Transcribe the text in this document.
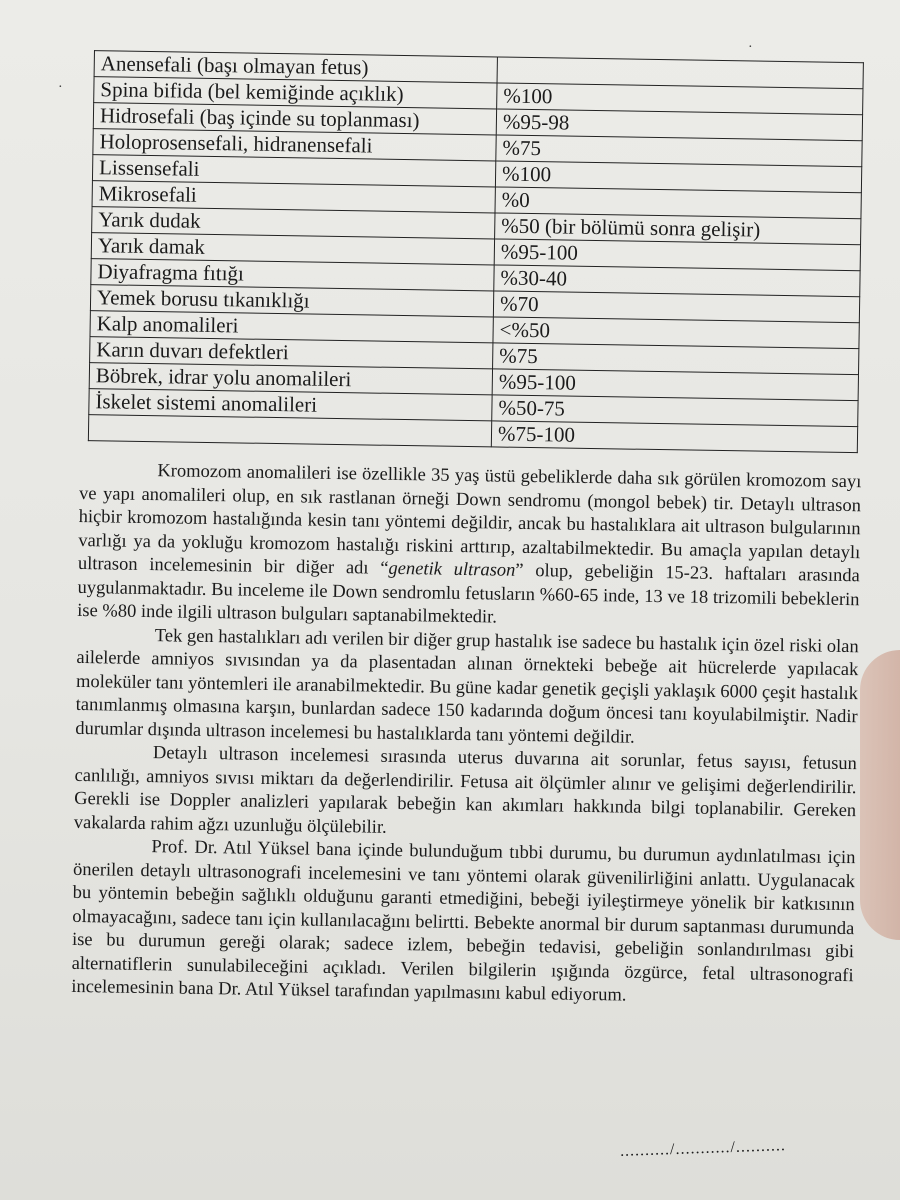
Anensefali (başı olmayan fetus)	
Spina bifida (bel kemiğinde açıklık)	%100
Hidrosefali (baş içinde su toplanması)	%95-98
Holoprosensefali, hidranensefali	%75
Lissensefali	%100
Mikrosefali	%0
Yarık dudak	%50 (bir bölümü sonra gelişir)
Yarık damak	%95-100
Diyafragma fıtığı	%30-40
Yemek borusu tıkanıklığı	%70
Kalp anomalileri	<%50
Karın duvarı defektleri	%75
Böbrek, idrar yolu anomalileri	%95-100
İskelet sistemi anomalileri	%50-75
	%75-100

Kromozom anomalileri ise özellikle 35 yaş üstü gebeliklerde daha sık görülen kromozom sayı ve yapı anomalileri olup, en sık rastlanan örneği Down sendromu (mongol bebek) tir. Detaylı ultrason hiçbir kromozom hastalığında kesin tanı yöntemi değildir, ancak bu hastalıklara ait ultrason bulgularının varlığı ya da yokluğu kromozom hastalığı riskini arttırıp, azaltabilmektedir. Bu amaçla yapılan detaylı ultrason incelemesinin bir diğer adı “genetik ultrason” olup, gebeliğin 15-23. haftaları arasında uygulanmaktadır. Bu inceleme ile Down sendromlu fetusların %60-65 inde, 13 ve 18 trizomili bebeklerin ise %80 inde ilgili ultrason bulguları saptanabilmektedir.

Tek gen hastalıkları adı verilen bir diğer grup hastalık ise sadece bu hastalık için özel riski olan ailelerde amniyos sıvısından ya da plasentadan alınan örnekteki bebeğe ait hücrelerde yapılacak moleküler tanı yöntemleri ile aranabilmektedir. Bu güne kadar genetik geçişli yaklaşık 6000 çeşit hastalık tanımlanmış olmasına karşın, bunlardan sadece 150 kadarında doğum öncesi tanı koyulabilmiştir. Nadir durumlar dışında ultrason incelemesi bu hastalıklarda tanı yöntemi değildir.

Detaylı ultrason incelemesi sırasında uterus duvarına ait sorunlar, fetus sayısı, fetusun canlılığı, amniyos sıvısı miktarı da değerlendirilir. Fetusa ait ölçümler alınır ve gelişimi değerlendirilir. Gerekli ise Doppler analizleri yapılarak bebeğin kan akımları hakkında bilgi toplanabilir. Gereken vakalarda rahim ağzı uzunluğu ölçülebilir.

Prof. Dr. Atıl Yüksel bana içinde bulunduğum tıbbi durumu, bu durumun aydınlatılması için önerilen detaylı ultrasonografi incelemesini ve tanı yöntemi olarak güvenilirliğini anlattı. Uygulanacak bu yöntemin bebeğin sağlıklı olduğunu garanti etmediğini, bebeği iyileştirmeye yönelik bir katkısının olmayacağını, sadece tanı için kullanılacağını belirtti. Bebekte anormal bir durum saptanması durumunda ise bu durumun gereği olarak; sadece izlem, bebeğin tedavisi, gebeliğin sonlandırılması gibi alternatiflerin sunulabileceğini açıkladı. Verilen bilgilerin ışığında özgürce, fetal ultrasonografi incelemesinin bana Dr. Atıl Yüksel tarafından yapılmasını kabul ediyorum.

........../.........../..........
·
·
